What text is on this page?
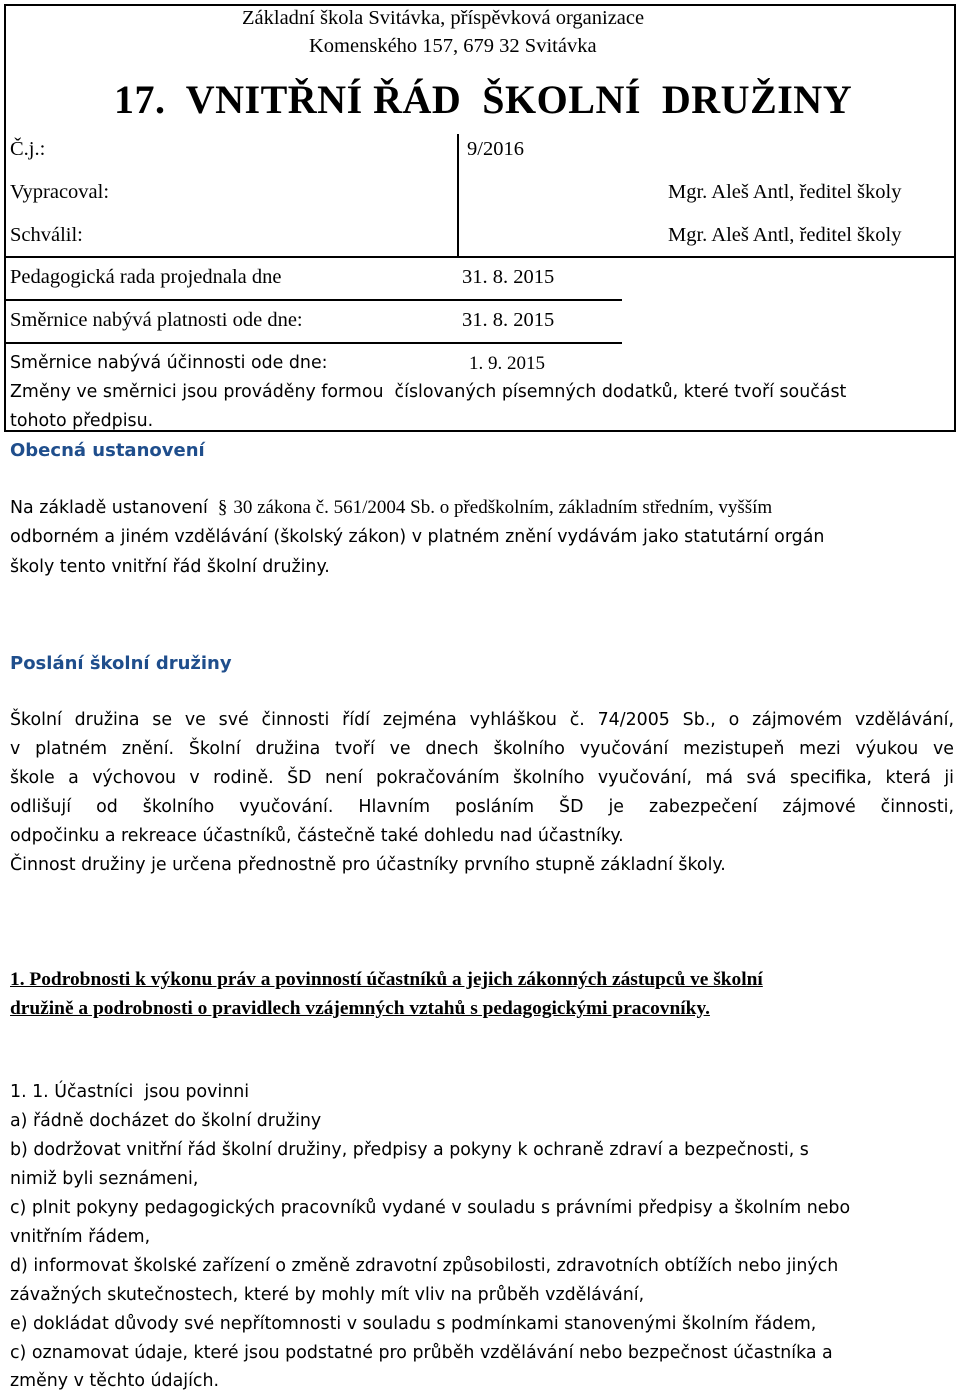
Základní škola Svitávka, příspěvková organizace
Komenského 157, 679 32 Svitávka
17.  VNITŘNÍ ŘÁD  ŠKOLNÍ  DRUŽINY
Č.j.:	9/2016
Vypracoval:	Mgr. Aleš Antl, ředitel školy
Schválil:	Mgr. Aleš Antl, ředitel školy
Pedagogická rada projednala dne	31. 8. 2015
Směrnice nabývá platnosti ode dne:	31. 8. 2015
Směrnice nabývá účinnosti ode dne:	1. 9. 2015
Změny ve směrnici jsou prováděny formou  číslovaných písemných dodatků, které tvoří součást
tohoto předpisu.
Obecná ustanovení
Na základě ustanovení § 30 zákona č. 561/2004 Sb. o předškolním, základním středním, vyšším
odborném a jiném vzdělávání (školský zákon) v platném znění vydávám jako statutární orgán
školy tento vnitřní řád školní družiny.
Poslání školní družiny
Školní družina se ve své činnosti řídí zejména vyhláškou č. 74/2005 Sb., o zájmovém vzdělávání,
v platném znění. Školní družina tvoří ve dnech školního vyučování mezistupeň mezi výukou ve
škole a výchovou v rodině. ŠD není pokračováním školního vyučování, má svá specifika, která ji
odlišují od školního vyučování. Hlavním posláním ŠD je zabezpečení zájmové činnosti,
odpočinku a rekreace účastníků, částečně také dohledu nad účastníky.
Činnost družiny je určena přednostně pro účastníky prvního stupně základní školy.
1. Podrobnosti k výkonu práv a povinností účastníků a jejich zákonných zástupců ve školní
družině a podrobnosti o pravidlech vzájemných vztahů s pedagogickými pracovníky.
1. 1. Účastníci  jsou povinni
a) řádně docházet do školní družiny
b) dodržovat vnitřní řád školní družiny, předpisy a pokyny k ochraně zdraví a bezpečnosti, s
nimiž byli seznámeni,
c) plnit pokyny pedagogických pracovníků vydané v souladu s právními předpisy a školním nebo
vnitřním řádem,
d) informovat školské zařízení o změně zdravotní způsobilosti, zdravotních obtížích nebo jiných
závažných skutečnostech, které by mohly mít vliv na průběh vzdělávání,
e) dokládat důvody své nepřítomnosti v souladu s podmínkami stanovenými školním řádem,
c) oznamovat údaje, které jsou podstatné pro průběh vzdělávání nebo bezpečnost účastníka a
změny v těchto údajích.
